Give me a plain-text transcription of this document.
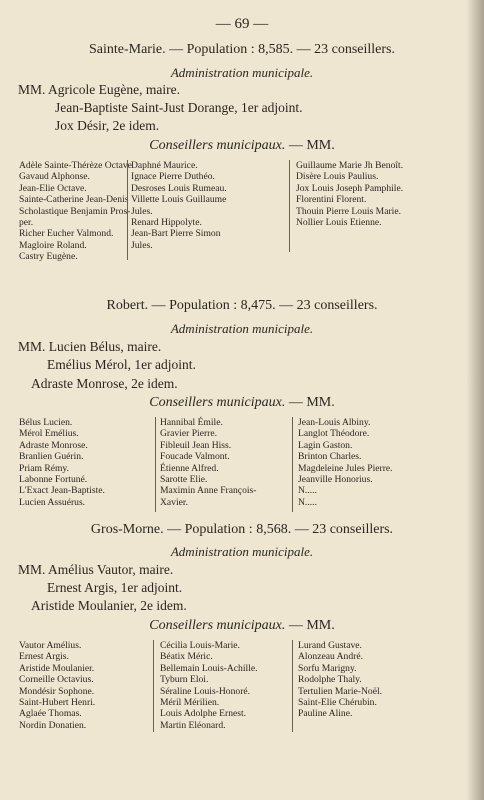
— 69 —
Sainte-Marie. — Population : 8,585. — 23 conseillers.
Administration municipale.
MM. Agricole Eugène, maire.
Jean-Baptiste Saint-Just Dorange, 1er adjoint.
Jox Désir, 2e idem.
Conseillers municipaux. — MM.
Adèle Sainte-Thérèze Octave
Gavaud Alphonse.
Jean-Elie Octave.
Sainte-Catherine Jean-Denis
Scholastique Benjamin Pros-
per.
Richer Eucher Valmond.
Magloire Roland.
Castry Eugène.
Daphné Maurice.
Ignace Pierre Duthéo.
Desroses Louis Rumeau.
Villette Louis Guillaume
Jules.
Renard Hippolyte.
Jean-Bart Pierre Simon
Jules.
Guillaume Marie Jh Benoît.
Disère Louis Paulius.
Jox Louis Joseph Pamphile.
Florentini Florent.
Thouin Pierre Louis Marie.
Nollier Louis Etienne.
Robert. — Population : 8,475. — 23 conseillers.
Administration municipale.
MM. Lucien Bélus, maire.
Emélius Mérol, 1er adjoint.
Adraste Monrose, 2e idem.
Conseillers municipaux. — MM.
Bélus Lucien.
Mérol Emélius.
Adraste Monrose.
Branlien Guérin.
Priam Rémy.
Labonne Fortuné.
L'Exact Jean-Baptiste.
Lucien Assuérus.
Hannibal Émile.
Gravier Pierre.
Fibleuil Jean Hiss.
Foucade Valmont.
Étienne Alfred.
Sarotte Elie.
Maximin Anne François-
Xavier.
Jean-Louis Albiny.
Langlot Théodore.
Lagin Gaston.
Brinton Charles.
Magdeleine Jules Pierre.
Jeanville Honorius.
N.....
N.....
Gros-Morne. — Population : 8,568. — 23 conseillers.
Administration municipale.
MM. Amélius Vautor, maire.
Ernest Argis, 1er adjoint.
Aristide Moulanier, 2e idem.
Conseillers municipaux. — MM.
Vautor Amélius.
Ernest Argis.
Aristide Moulanier.
Corneille Octavius.
Mondésir Sophone.
Saint-Hubert Henri.
Aglaée Thomas.
Nordin Donatien.
Cécilia Louis-Marie.
Béatix Méric.
Bellemain Louis-Achille.
Tyburn Eloi.
Séraline Louis-Honoré.
Méril Mérilien.
Louis Adolphe Ernest.
Martin Eléonard.
Lurand Gustave.
Alonzeau André.
Sorfu Marigny.
Rodolphe Thaly.
Tertulien Marie-Noël.
Saint-Elie Chérubin.
Pauline Aline.
